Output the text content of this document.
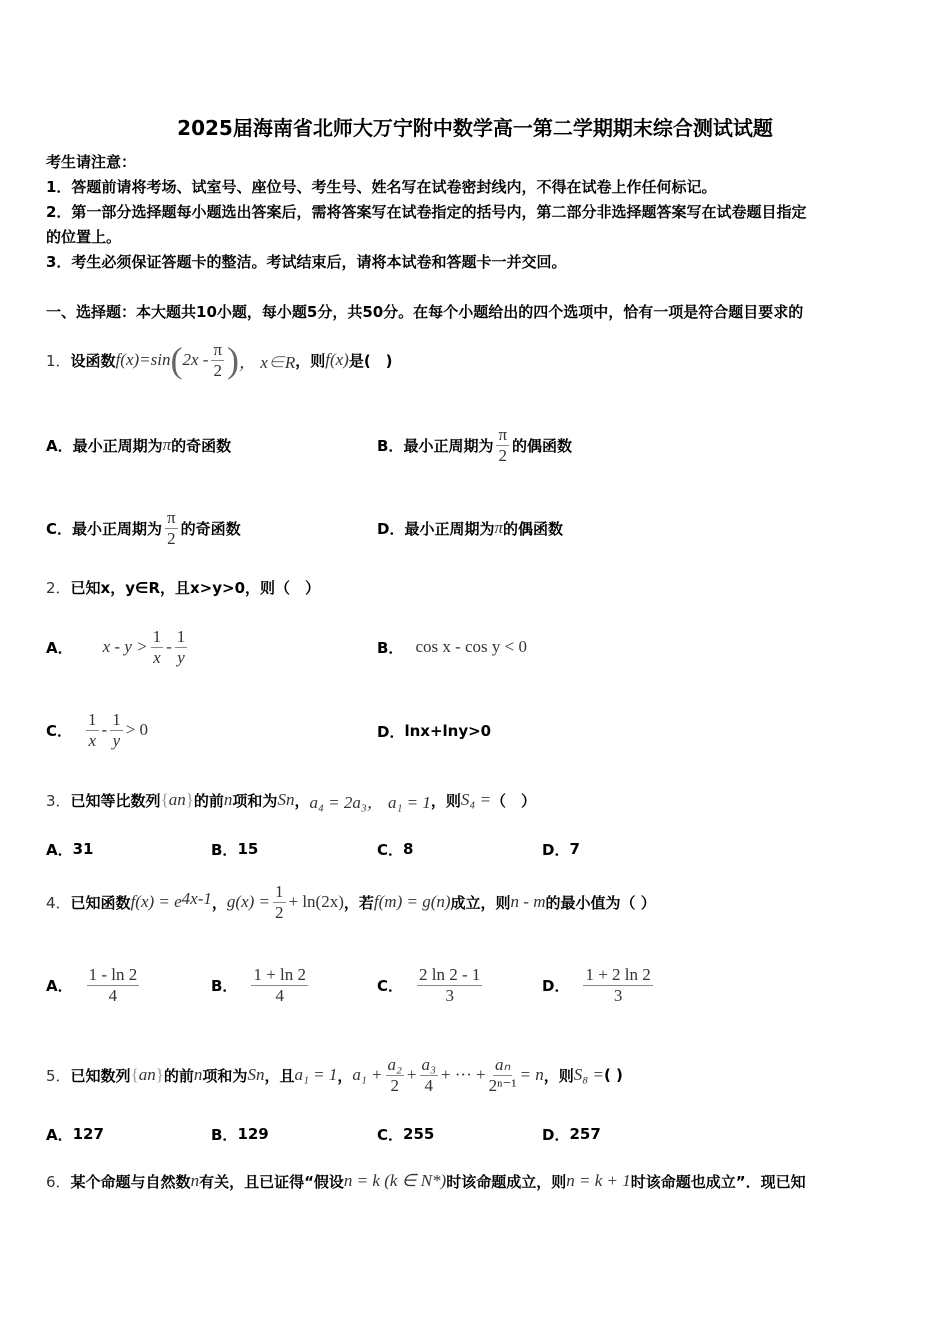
2025届海南省北师大万宁附中数学高一第二学期期末综合测试试题
考生请注意：
1．答题前请将考场、试室号、座位号、考生号、姓名写在试卷密封线内，不得在试卷上作任何标记。
2．第一部分选择题每小题选出答案后，需将答案写在试卷指定的括号内，第二部分非选择题答案写在试卷题目指定
的位置上。
3．考生必须保证答题卡的整洁。考试结束后，请将本试卷和答题卡一并交回。
一、选择题：本大题共10小题，每小题5分，共50分。在每个小题给出的四个选项中，恰有一项是符合题目要求的
1． 设函数 f(x)=sin ( $2x - \frac{\pi}{2}$ ) ， x∈R ，则 f(x) 是(　)
A． 最小正周期为 π 的奇函数	B． 最小正周期为 $\frac{\pi}{2}$ 的偶函数
C． 最小正周期为 $\frac{\pi}{2}$ 的奇函数	D． 最小正周期为 π 的偶函数
2． 已知x，y∈R，且x>y>0，则（　）
A． $x - y > \frac{1}{x} - \frac{1}{y}$	B． cos x - cos y < 0
C． $\frac{1}{x} - \frac{1}{y} > 0$	D． lnx+lny>0
3． 已知等比数列 { a n } 的前 n 项和为 S n ， a₄ = 2a₃， a₁ = 1 ，则 S₄ = （　）
A． 31	B． 15	C． 8	D． 7
4． 已知函数 f(x) = e 4x-1 ， $g(x) = \frac{1}{2} + \ln(2x)$ ，若 f(m) = g(n) 成立，则 n - m 的最小值为（ ）
A． $\frac{1 - \ln 2}{4}$	B． $\frac{1 + \ln 2}{4}$	C． $\frac{2 \ln 2 - 1}{3}$	D． $\frac{1 + 2 \ln 2}{3}$
5． 已知数列 { a n } 的前 n 项和为 S n ，且 a₁ = 1 ， $a_1 + \frac{\text{a₂}}{2} + \frac{\text{a₃}}{4}$ + ··· + $\frac{\text{aₙ}}{\text{2ⁿ⁻¹}} = n$ ，则 S₈ = ( )
A． 127	B． 129	C． 255	D． 257
6． 某个命题与自然数 n 有关，且已证得“假设 n = k (k ∈ N*) 时该命题成立，则 n = k + 1 时该命题也成立”．现已知
